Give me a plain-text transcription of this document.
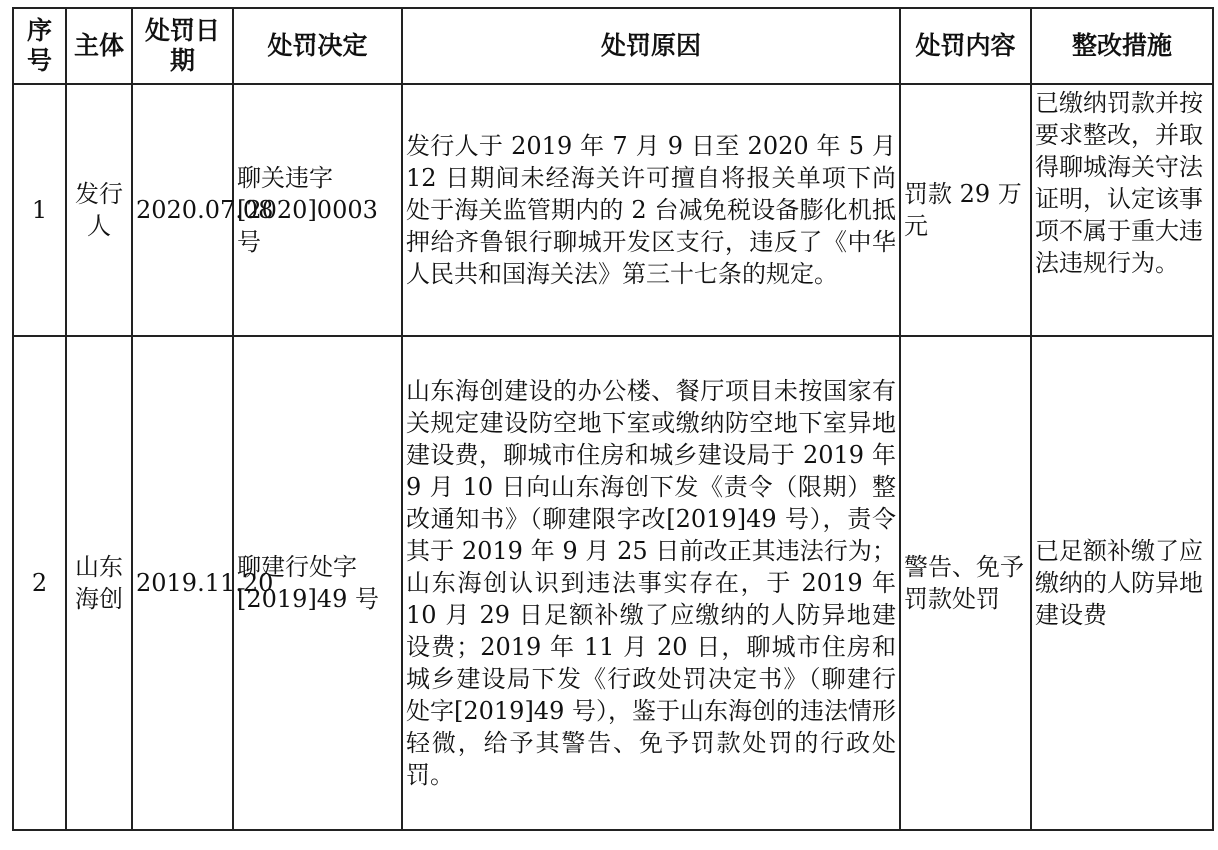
序号	主体	处罚日期	处罚决定	处罚原因	处罚内容	整改措施
1	发行人	2020.07.08	聊关违字[2020]0003号	发行人于 2019 年 7 月 9 日至 2020 年 5 月 12 日期间未经海关许可擅自将报关单项下尚处于海关监管期内的 2 台减免税设备膨化机抵押给齐鲁银行聊城开发区支行，违反了《中华人民共和国海关法》第三十七条的规定。	罚款 29 万元	已缴纳罚款并按要求整改，并取得聊城海关守法证明，认定该事项不属于重大违法违规行为。
2	山东海创	2019.11.20	聊建行处字[2019]49 号	山东海创建设的办公楼、餐厅项目未按国家有关规定建设防空地下室或缴纳防空地下室异地建设费，聊城市住房和城乡建设局于 2019 年 9 月 10 日向山东海创下发《责令（限期）整改通知书》（聊建限字改[2019]49 号），责令其于 2019 年 9 月 25 日前改正其违法行为；山东海创认识到违法事实存在，于 2019 年 10 月 29 日足额补缴了应缴纳的人防异地建设费；2019 年 11 月 20 日，聊城市住房和城乡建设局下发《行政处罚决定书》（聊建行处字[2019]49 号），鉴于山东海创的违法情形轻微，给予其警告、免予罚款处罚的行政处罚。	警告、免予罚款处罚	已足额补缴了应缴纳的人防异地建设费
